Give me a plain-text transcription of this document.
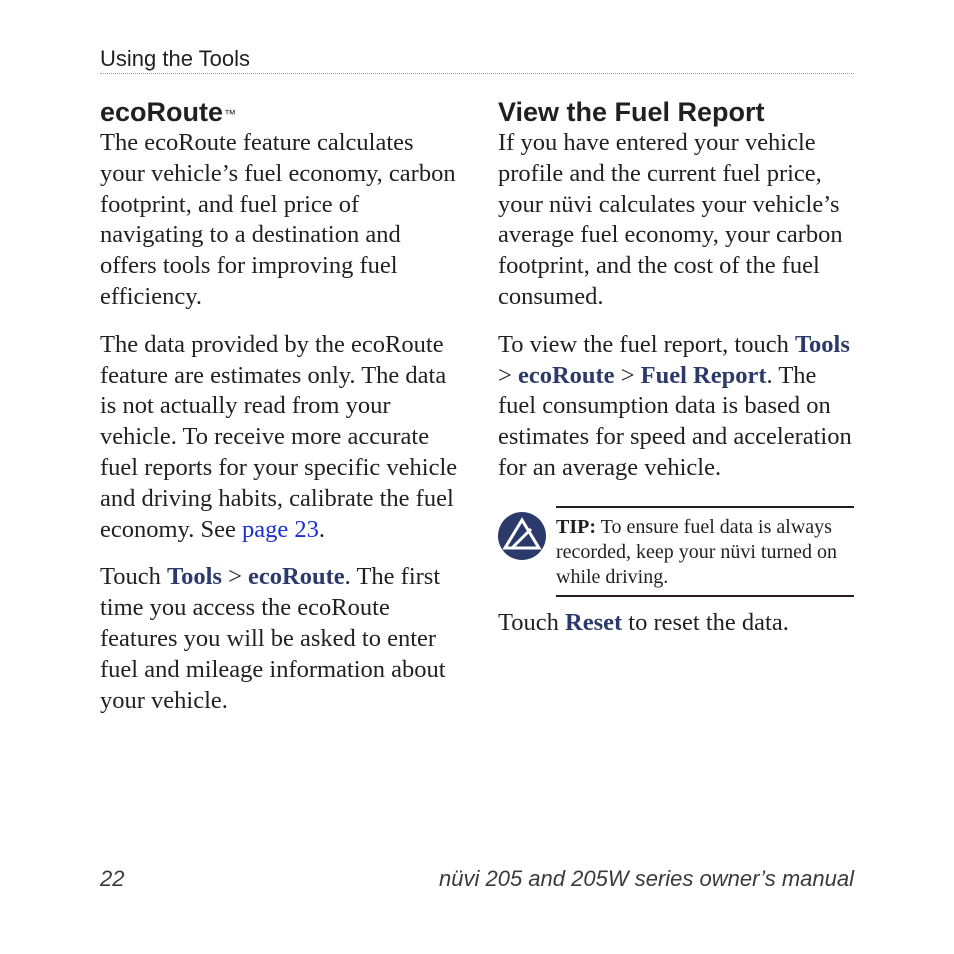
Using the Tools
ecoRoute™

The ecoRoute feature calculates your vehicle’s fuel economy, carbon footprint, and fuel price of navigating to a destination and offers tools for improving fuel efficiency.

The data provided by the ecoRoute feature are estimates only. The data is not actually read from your vehicle. To receive more accurate fuel reports for your specific vehicle and driving habits, calibrate the fuel economy. See page 23.

Touch Tools > ecoRoute. The first time you access the ecoRoute features you will be asked to enter fuel and mileage information about your vehicle.

View the Fuel Report

If you have entered your vehicle profile and the current fuel price, your nüvi calculates your vehicle’s average fuel economy, your carbon footprint, and the cost of the fuel consumed.

To view the fuel report, touch Tools > ecoRoute > Fuel Report. The fuel consumption data is based on estimates for speed and acceleration for an average vehicle.

TIP: To ensure fuel data is always recorded, keep your nüvi turned on while driving.

Touch Reset to reset the data.

22	nüvi 205 and 205W series owner’s manual
